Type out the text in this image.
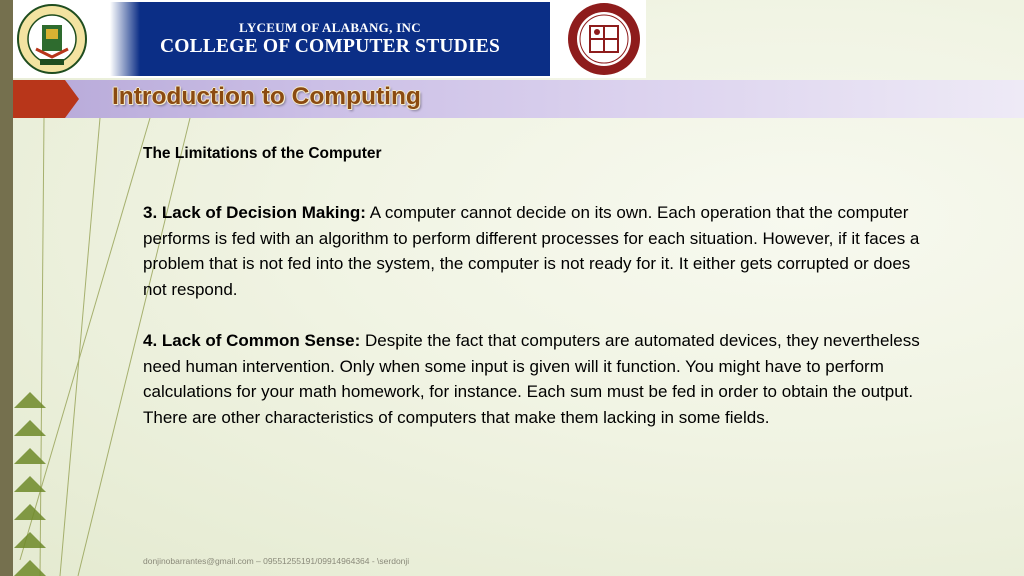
LYCEUM OF ALABANG, INC
COLLEGE OF COMPUTER STUDIES
Introduction to Computing

The Limitations of the Computer

3. Lack of Decision Making: A computer cannot decide on its own. Each operation that the computer performs is fed with an algorithm to perform different processes for each situation. However, if it faces a problem that is not fed into the system, the computer is not ready for it. It either gets corrupted or does not respond.

4. Lack of Common Sense: Despite the fact that computers are automated devices, they nevertheless need human intervention. Only when some input is given will it function. You might have to perform calculations for your math homework, for instance. Each sum must be fed in order to obtain the output. There are other characteristics of computers that make them lacking in some fields.

donjinobarrantes@gmail.com – 09551255191/09914964364 - \serdonji
